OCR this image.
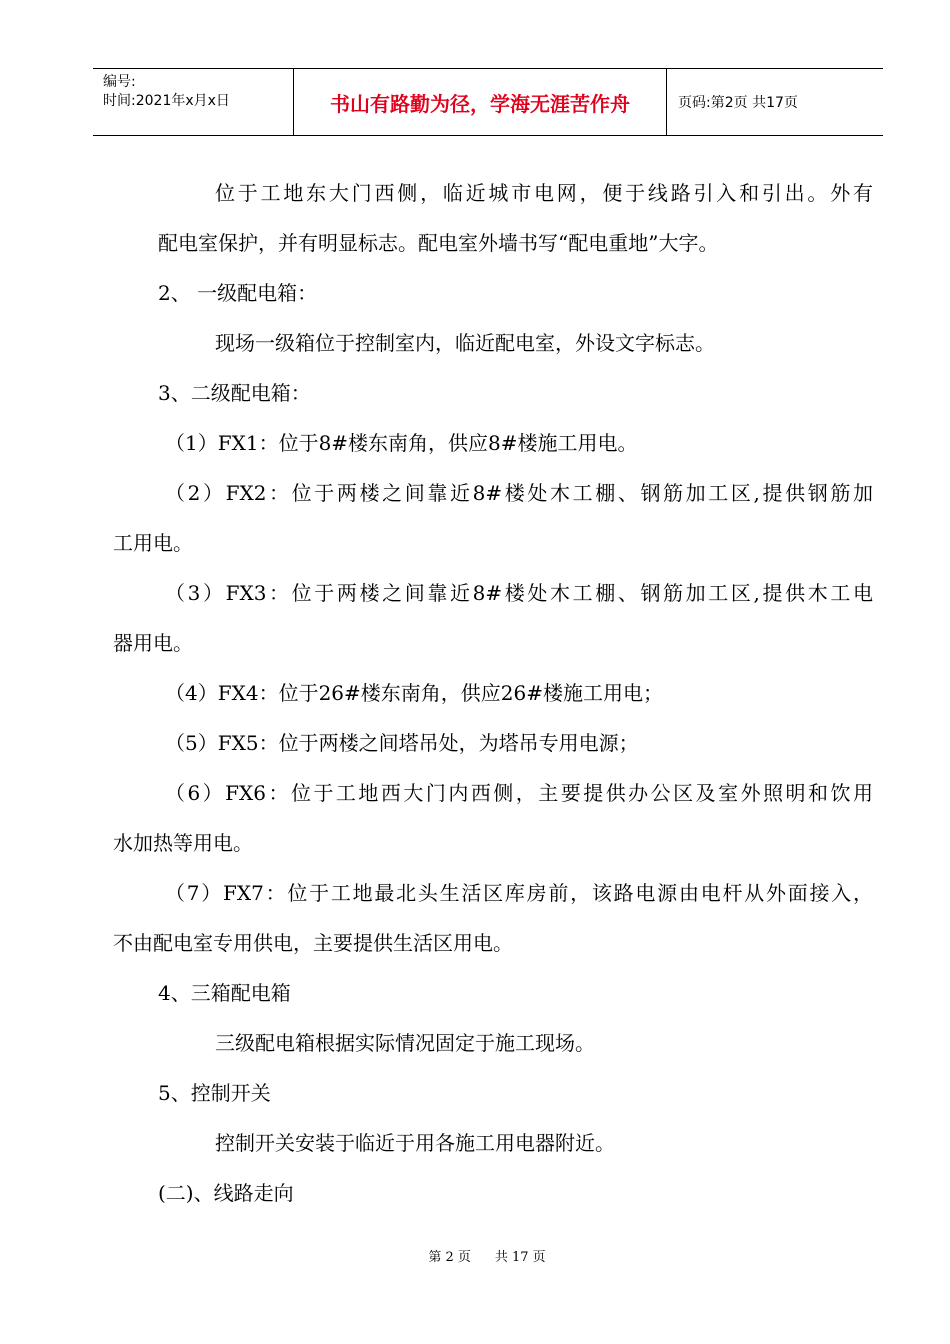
编号:
时间:2021年x月x日	书山有路勤为径，学海无涯苦作舟	页码:第2页 共17页

位于工地东大门西侧，临近城市电网，便于线路引入和引出。外有

配电室保护，并有明显标志。配电室外墙书写“配电重地”大字。

2、 一级配电箱：

现场一级箱位于控制室内，临近配电室，外设文字标志。

3、二级配电箱：

（1）FX1：位于8#楼东南角，供应8#楼施工用电。

（2）FX2：位于两楼之间靠近8#楼处木工棚、钢筋加工区,提供钢筋加

工用电。

（3）FX3：位于两楼之间靠近8#楼处木工棚、钢筋加工区,提供木工电

器用电。

（4）FX4：位于26#楼东南角，供应26#楼施工用电；

（5）FX5：位于两楼之间塔吊处，为塔吊专用电源；

（6）FX6：位于工地西大门内西侧，主要提供办公区及室外照明和饮用

水加热等用电。

（7）FX7：位于工地最北头生活区库房前，该路电源由电杆从外面接入，

不由配电室专用供电，主要提供生活区用电。

4、三箱配电箱

三级配电箱根据实际情况固定于施工现场。

5、控制开关

控制开关安装于临近于用各施工用电器附近。

(二)、线路走向

第 2 页 共 17 页
